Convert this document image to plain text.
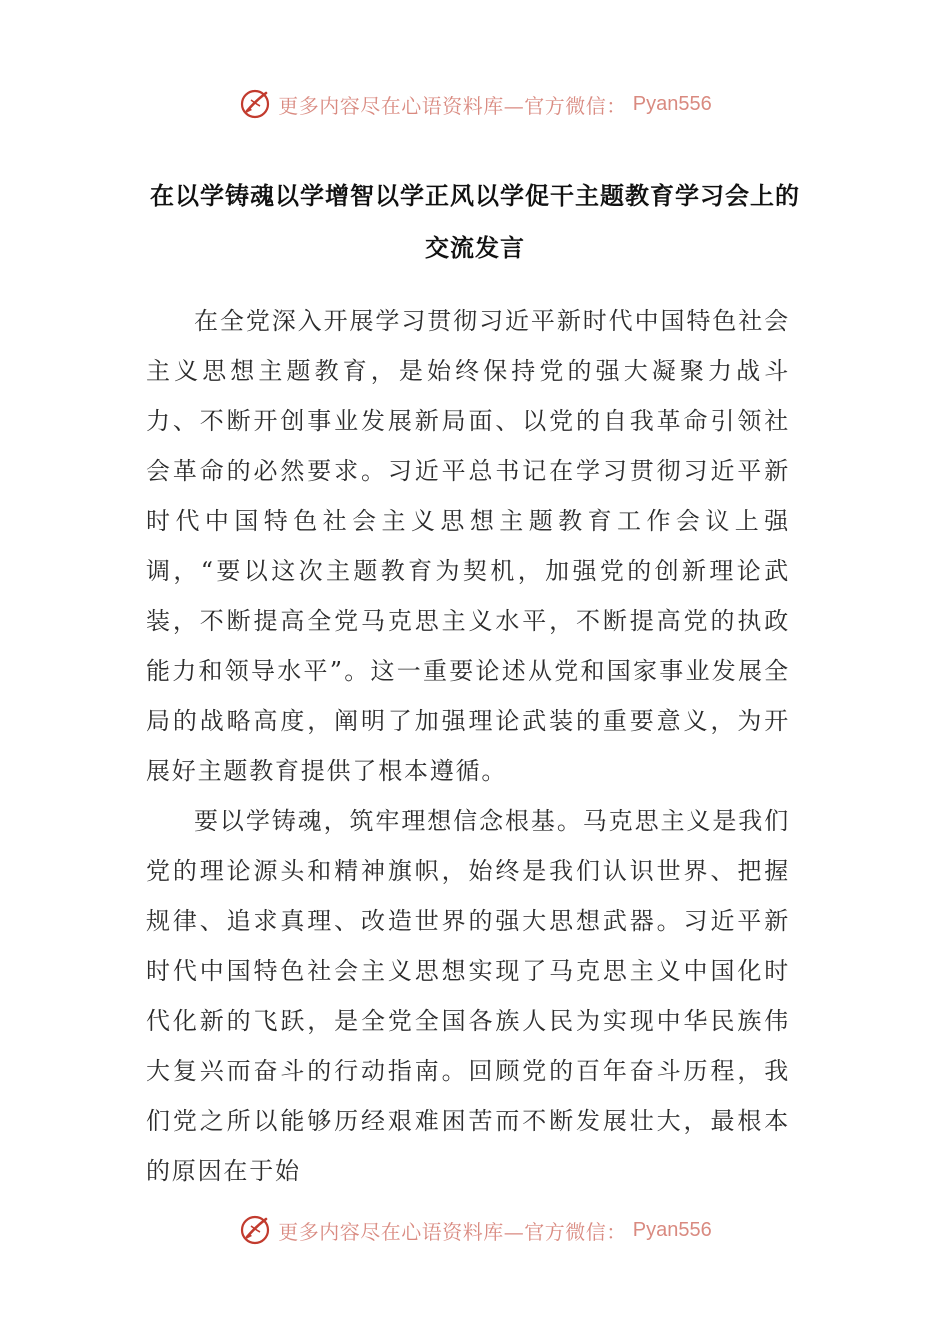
更多内容尽在心语资料库—官方微信： Pyan556
在以学铸魂以学增智以学正风以学促干主题教育学习会上的交流发言

在全党深入开展学习贯彻习近平新时代中国特色社会主义思想主题教育，是始终保持党的强大凝聚力战斗力、不断开创事业发展新局面、以党的自我革命引领社会革命的必然要求。习近平总书记在学习贯彻习近平新时代中国特色社会主义思想主题教育工作会议上强调，“要以这次主题教育为契机，加强党的创新理论武装，不断提高全党马克思主义水平，不断提高党的执政能力和领导水平”。这一重要论述从党和国家事业发展全局的战略高度，阐明了加强理论武装的重要意义，为开展好主题教育提供了根本遵循。

要以学铸魂，筑牢理想信念根基。马克思主义是我们党的理论源头和精神旗帜，始终是我们认识世界、把握规律、追求真理、改造世界的强大思想武器。习近平新时代中国特色社会主义思想实现了马克思主义中国化时代化新的飞跃，是全党全国各族人民为实现中华民族伟大复兴而奋斗的行动指南。回顾党的百年奋斗历程，我们党之所以能够历经艰难困苦而不断发展壮大，最根本的原因在于始

更多内容尽在心语资料库—官方微信： Pyan556
